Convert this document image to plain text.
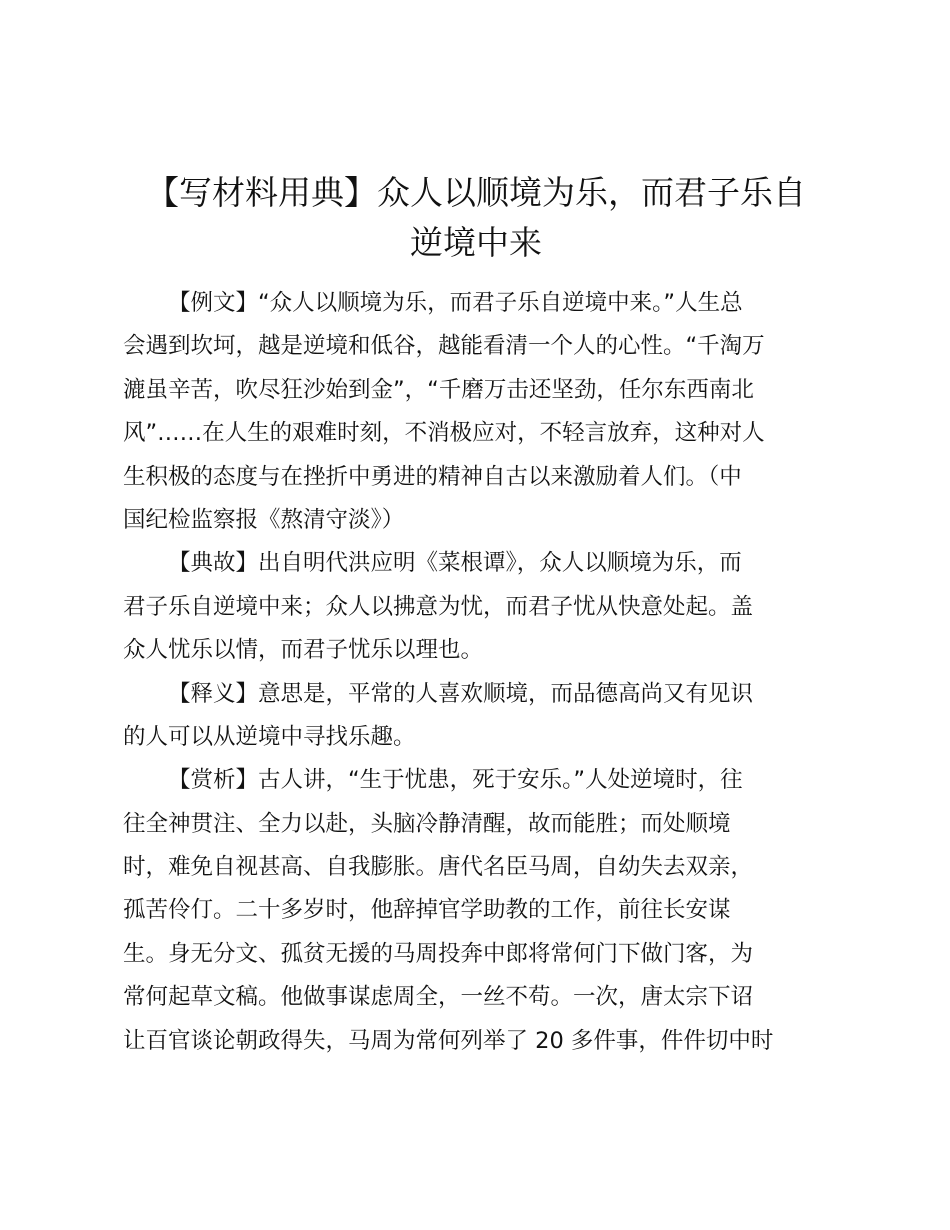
【写材料用典】众人以顺境为乐，而君子乐自
逆境中来
【例文】“众人以顺境为乐，而君子乐自逆境中来。”人生总
会遇到坎坷，越是逆境和低谷，越能看清一个人的心性。“千淘万
漉虽辛苦，吹尽狂沙始到金”，“千磨万击还坚劲，任尔东西南北
风”……在人生的艰难时刻，不消极应对，不轻言放弃，这种对人
生积极的态度与在挫折中勇进的精神自古以来激励着人们。（中
国纪检监察报《熬清守淡》）
【典故】出自明代洪应明《菜根谭》，众人以顺境为乐，而
君子乐自逆境中来；众人以拂意为忧，而君子忧从快意处起。盖
众人忧乐以情，而君子忧乐以理也。
【释义】意思是，平常的人喜欢顺境，而品德高尚又有见识
的人可以从逆境中寻找乐趣。
【赏析】古人讲，“生于忧患，死于安乐。”人处逆境时，往
往全神贯注、全力以赴，头脑冷静清醒，故而能胜；而处顺境
时，难免自视甚高、自我膨胀。唐代名臣马周，自幼失去双亲，
孤苦伶仃。二十多岁时，他辞掉官学助教的工作，前往长安谋
生。身无分文、孤贫无援的马周投奔中郎将常何门下做门客，为
常何起草文稿。他做事谋虑周全，一丝不苟。一次，唐太宗下诏
让百官谈论朝政得失，马周为常何列举了 20 多件事，件件切中时
